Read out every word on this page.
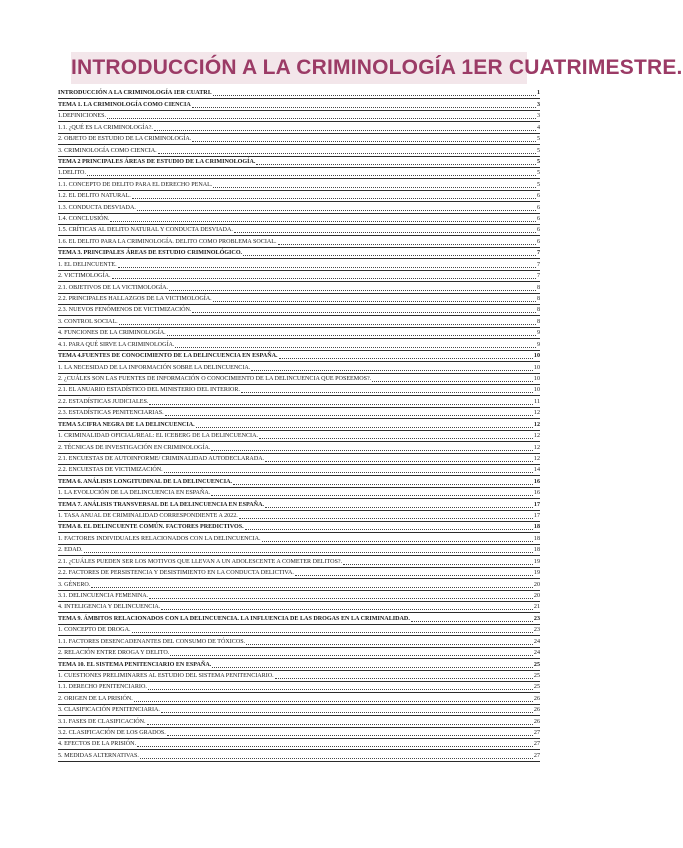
INTRODUCCIÓN A LA CRIMINOLOGÍA 1ER CUATRIMESTRE.
INTRODUCCIÓN A LA CRIMINOLOGÍA 1ER CUATRI.	1
TEMA 1. LA CRIMINOLOGÍA COMO CIENCIA	3
1.DEFINICIONES.	3
1.1. ¿QUÉ ES LA CRIMINOLOGÍA?.	4
2. OBJETO DE ESTUDIO DE LA CRIMINOLOGÍA.	5
3. CRIMINOLOGÍA COMO CIENCIA.	5
TEMA 2 PRINCIPALES ÁREAS DE ESTUDIO DE LA CRIMINOLOGÍA.	5
1.DELITO.	5
1.1. CONCEPTO DE DELITO PARA EL DERECHO PENAL.	5
1.2. EL DELITO NATURAL.	6
1.3. CONDUCTA DESVIADA.	6
1.4. CONCLUSIÓN.	6
1.5. CRÍTICAS AL DELITO NATURAL Y CONDUCTA DESVIADA.	6
1.6. EL DELITO PARA LA CRIMINOLOGÍA. DELITO COMO PROBLEMA SOCIAL.	6
TEMA 3. PRINCIPALES ÁREAS DE ESTUDIO CRIMINOLÓGICO.	7
1. EL DELINCUENTE.	7
2. VICTIMOLOGÍA.	7
2.1. OBJETIVOS DE LA VICTIMOLOGÍA.	8
2.2. PRINCIPALES HALLAZGOS DE LA VICTIMOLOGÍA.	8
2.3. NUEVOS FENÓMENOS DE VICTIMIZACIÓN.	8
3. CONTROL SOCIAL.	8
4. FUNCIONES DE LA CRIMINOLOGÍA.	9
4.1. PARA QUÉ SIRVE LA CRIMINOLOGÍA.	9
TEMA 4.FUENTES DE CONOCIMIENTO DE LA DELINCUENCIA EN ESPAÑA.	10
1. LA NECESIDAD DE LA INFORMACIÓN SOBRE LA DELINCUENCIA.	10
2. ¿CUÁLES SON LAS FUENTES DE INFORMACIÓN O CONOCIMIENTO DE LA DELINCUENCIA QUE POSEEMOS?.	10
2.1. EL ANUARIO ESTADÍSTICO DEL MINISTERIO DEL INTERIOR.	10
2.2. ESTADÍSTICAS JUDICIALES.	11
2.3. ESTADÍSTICAS PENITENCIARIAS.	12
TEMA 5.CIFRA NEGRA DE LA DELINCUENCIA.	12
1. CRIMINALIDAD OFICIAL/REAL: EL ICEBERG DE LA DELINCUENCIA.	12
2. TÉCNICAS DE INVESTIGACIÓN EN CRIMINOLOGÍA.	12
2.1. ENCUESTAS DE AUTOINFORME/ CRIMINALIDAD AUTODECLARADA.	12
2.2. ENCUESTAS DE VICTIMIZACIÓN.	14
TEMA 6. ANÁLISIS LONGITUDINAL DE LA DELINCUENCIA.	16
1. LA EVOLUCIÓN DE LA DELINCUENCIA EN ESPAÑA.	16
TEMA 7. ANÁLISIS TRANSVERSAL DE LA DELINCUENCIA EN ESPAÑA.	17
1. TASA ANUAL DE CRIMINALIDAD CORRESPONDIENTE A 2022.	17
TEMA 8. EL DELINCUENTE COMÚN. FACTORES PREDICTIVOS.	18
1. FACTORES INDIVIDUALES RELACIONADOS CON LA DELINCUENCIA.	18
2. EDAD.	18
2.1. ¿CUÁLES PUEDEN SER LOS MOTIVOS QUE LLEVAN A UN ADOLESCENTE A COMETER DELITOS?.	19
2.2. FACTORES DE PERSISTENCIA Y DESISTIMIENTO EN LA CONDUCTA DELICTIVA.	19
3. GÉNERO.	20
3.1. DELINCUENCIA FEMENINA.	20
4. INTELIGENCIA Y DELINCUENCIA.	21
TEMA 9. ÁMBITOS RELACIONADOS CON LA DELINCUENCIA. LA INFLUENCIA DE LAS DROGAS EN LA CRIMINALIDAD.	23
1. CONCEPTO DE DROGA.	23
1.1. FACTORES DESENCADENANTES DEL CONSUMO DE TÓXICOS.	24
2. RELACIÓN ENTRE DROGA Y DELITO.	24
TEMA 10. EL SISTEMA PENITENCIARIO EN ESPAÑA.	25
1. CUESTIONES PRELIMINARES AL ESTUDIO DEL SISTEMA PENITENCIARIO.	25
1.1. DERECHO PENITENCIARIO.	25
2. ORIGEN DE LA PRISIÓN.	26
3. CLASIFICACIÓN PENITENCIARIA.	26
3.1. FASES DE CLASIFICACIÓN.	26
3.2. CLASIFICACIÓN DE LOS GRADOS.	27
4. EFECTOS DE LA PRISIÓN.	27
5. MEDIDAS ALTERNATIVAS.	27
